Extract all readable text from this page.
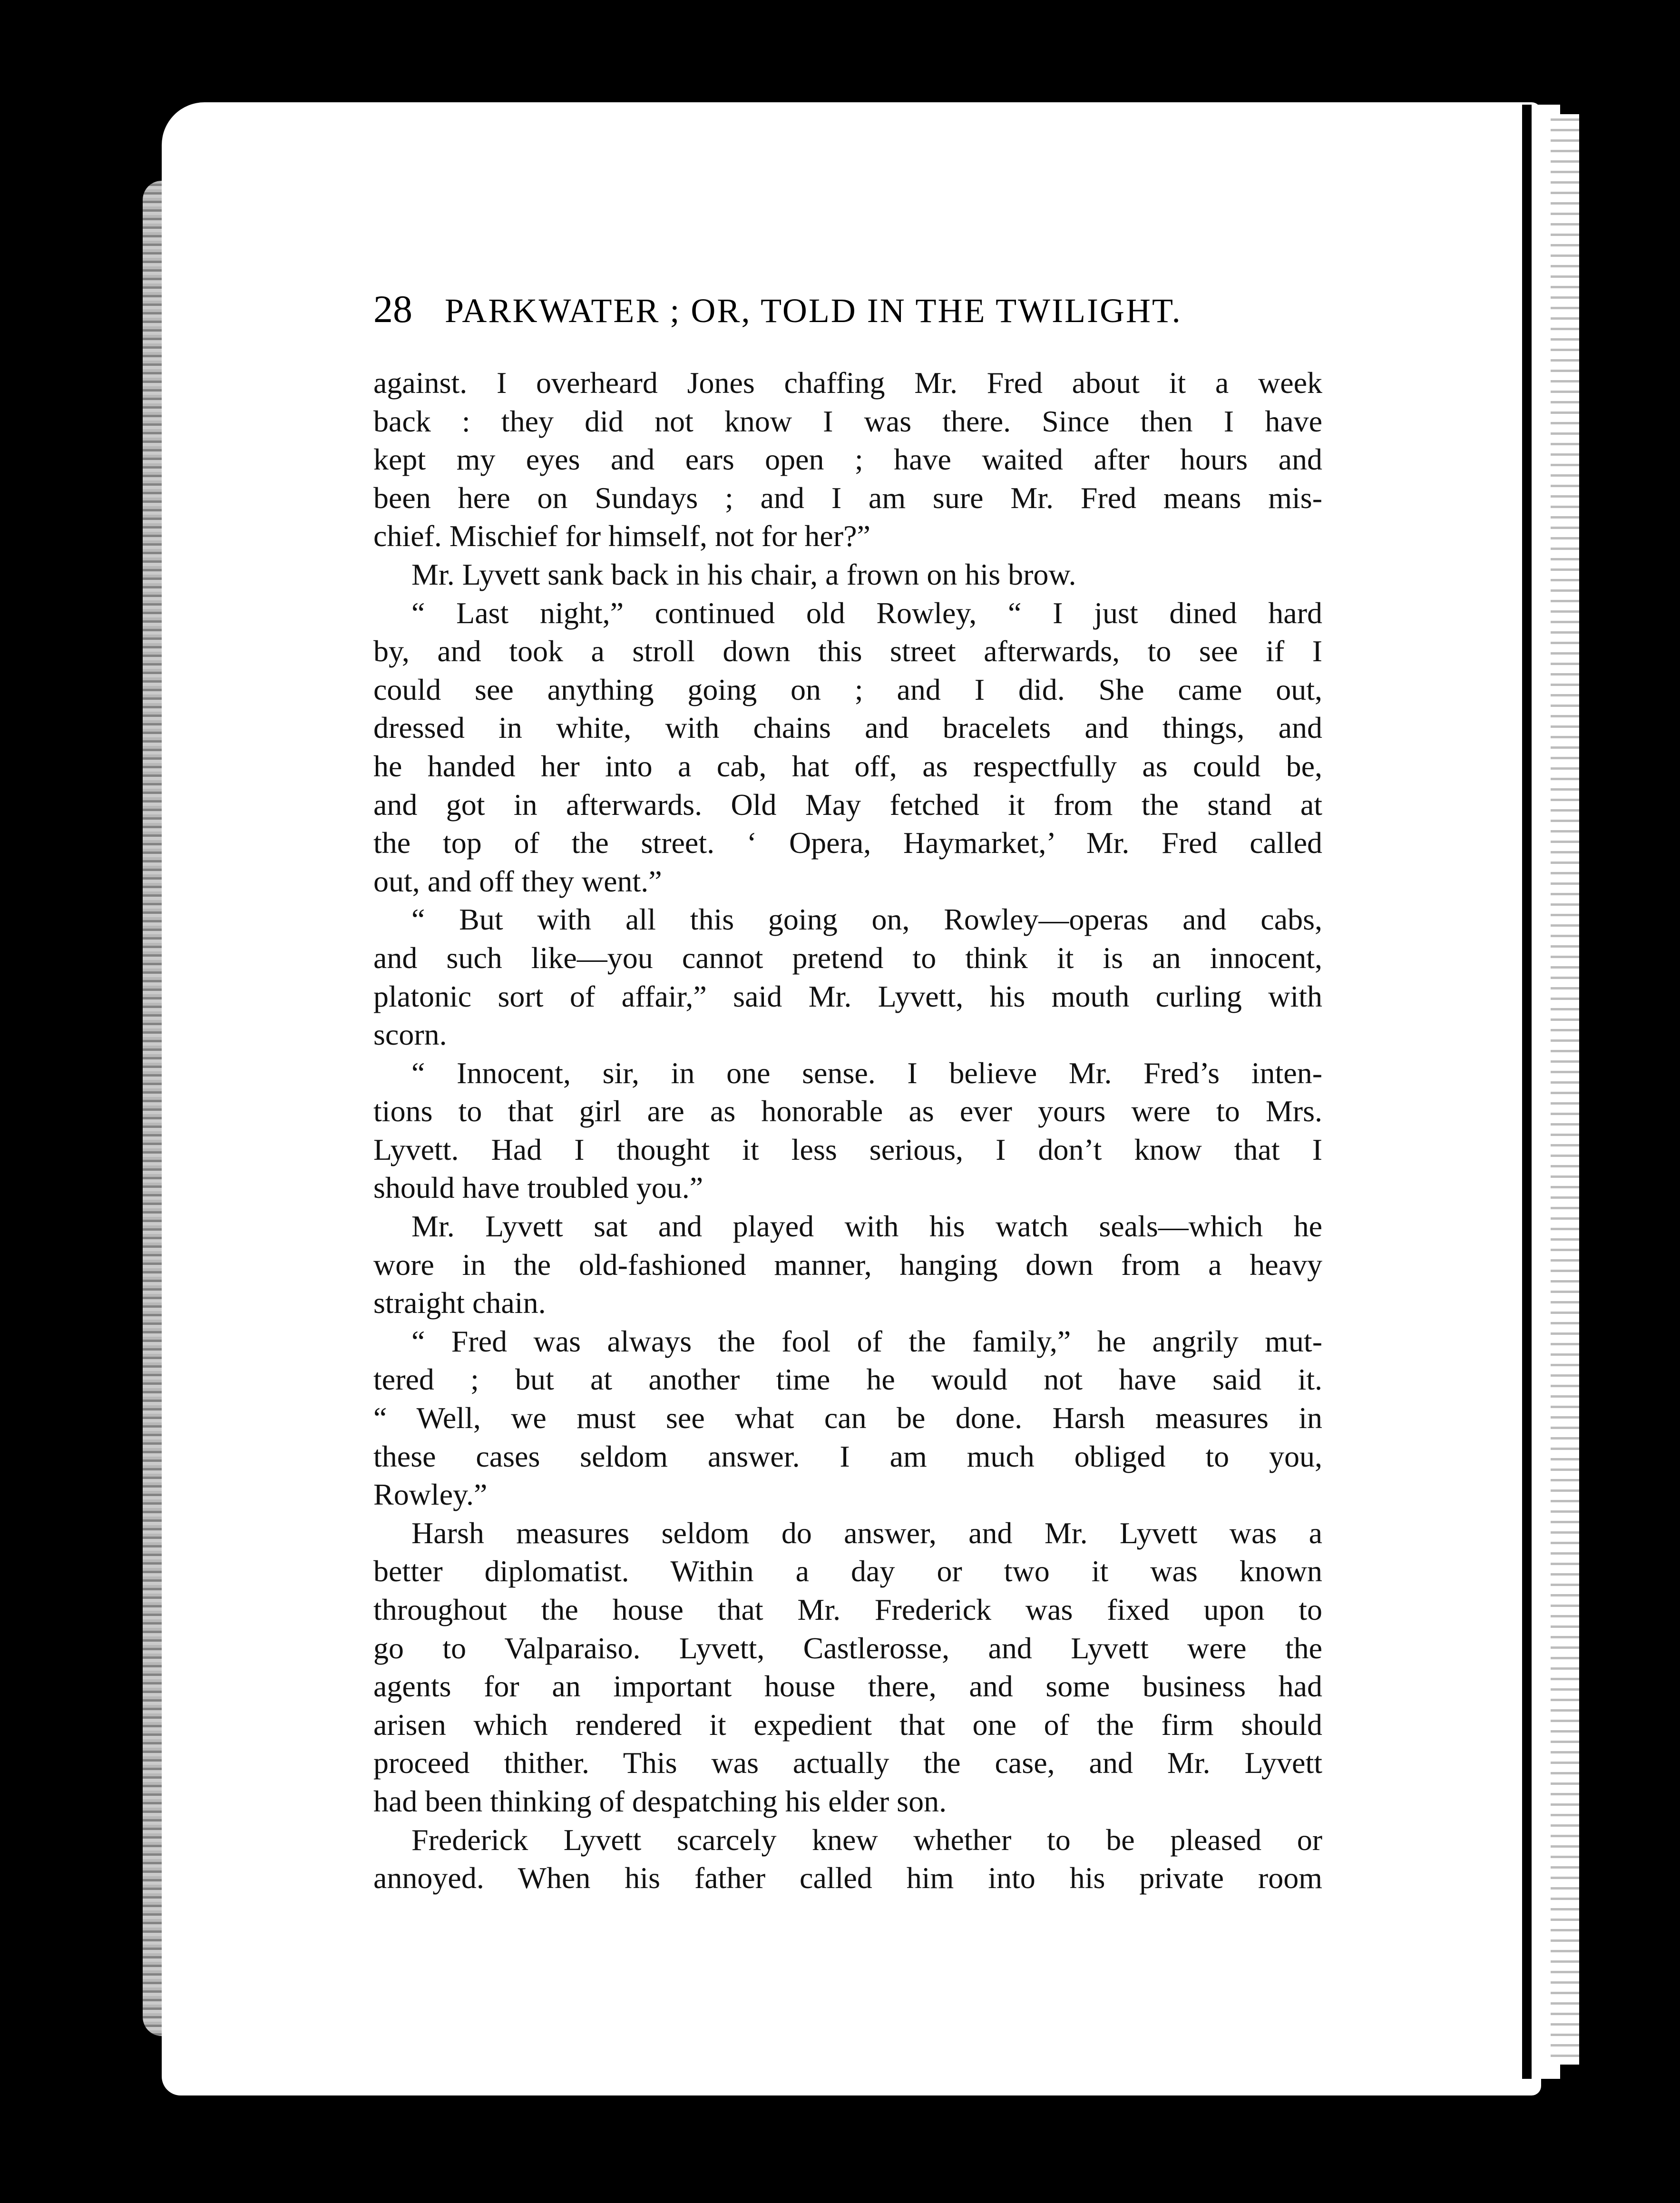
28 PARKWATER ; OR, TOLD IN THE TWILIGHT.
against. I overheard Jones chaffing Mr. Fred about it a week
back : they did not know I was there. Since then I have
kept my eyes and ears open ; have waited after hours and
been here on Sundays ; and I am sure Mr. Fred means mis-
chief. Mischief for himself, not for her?”
Mr. Lyvett sank back in his chair, a frown on his brow.
“ Last night,” continued old Rowley, “ I just dined hard
by, and took a stroll down this street afterwards, to see if I
could see anything going on ; and I did. She came out,
dressed in white, with chains and bracelets and things, and
he handed her into a cab, hat off, as respectfully as could be,
and got in afterwards. Old May fetched it from the stand at
the top of the street. ‘ Opera, Haymarket,’ Mr. Fred called
out, and off they went.”
“ But with all this going on, Rowley—operas and cabs,
and such like—you cannot pretend to think it is an innocent,
platonic sort of affair,” said Mr. Lyvett, his mouth curling with
scorn.
“ Innocent, sir, in one sense. I believe Mr. Fred’s inten-
tions to that girl are as honorable as ever yours were to Mrs.
Lyvett. Had I thought it less serious, I don’t know that I
should have troubled you.”
Mr. Lyvett sat and played with his watch seals—which he
wore in the old-fashioned manner, hanging down from a heavy
straight chain.
“ Fred was always the fool of the family,” he angrily mut-
tered ; but at another time he would not have said it.
“ Well, we must see what can be done. Harsh measures in
these cases seldom answer. I am much obliged to you,
Rowley.”
Harsh measures seldom do answer, and Mr. Lyvett was a
better diplomatist. Within a day or two it was known
throughout the house that Mr. Frederick was fixed upon to
go to Valparaiso. Lyvett, Castlerosse, and Lyvett were the
agents for an important house there, and some business had
arisen which rendered it expedient that one of the firm should
proceed thither. This was actually the case, and Mr. Lyvett
had been thinking of despatching his elder son.
Frederick Lyvett scarcely knew whether to be pleased or
annoyed. When his father called him into his private room
